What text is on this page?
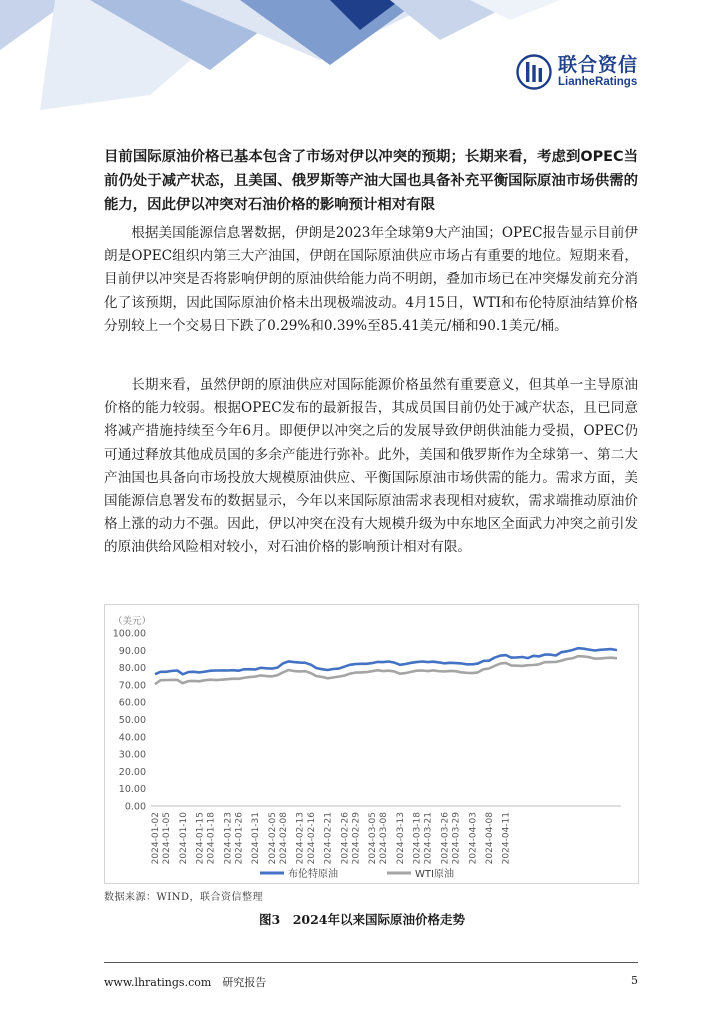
联合资信
LianheRatings

目前国际原油价格已基本包含了市场对伊以冲突的预期；长期来看，考虑到OPEC当前仍处于减产状态，且美国、俄罗斯等产油大国也具备补充平衡国际原油市场供需的能力，因此伊以冲突对石油价格的影响预计相对有限

根据美国能源信息署数据，伊朗是2023年全球第9大产油国；OPEC报告显示目前伊朗是OPEC组织内第三大产油国，伊朗在国际原油供应市场占有重要的地位。短期来看，目前伊以冲突是否将影响伊朗的原油供给能力尚不明朗，叠加市场已在冲突爆发前充分消化了该预期，因此国际原油价格未出现极端波动。4月15日，WTI和布伦特原油结算价格分别较上一个交易日下跌了0.29%和0.39%至85.41美元/桶和90.1美元/桶。

长期来看，虽然伊朗的原油供应对国际能源价格虽然有重要意义，但其单一主导原油价格的能力较弱。根据OPEC发布的最新报告，其成员国目前仍处于减产状态，且已同意将减产措施持续至今年6月。即便伊以冲突之后的发展导致伊朗供油能力受损，OPEC仍可通过释放其他成员国的多余产能进行弥补。此外，美国和俄罗斯作为全球第一、第二大产油国也具备向市场投放大规模原油供应、平衡国际原油市场供需的能力。需求方面，美国能源信息署发布的数据显示，今年以来国际原油需求表现相对疲软，需求端推动原油价格上涨的动力不强。因此，伊以冲突在没有大规模升级为中东地区全面武力冲突之前引发的原油供给风险相对较小，对石油价格的影响预计相对有限。

（美元）
0.00
10.00
20.00
30.00
40.00
50.00
60.00
70.00
80.00
90.00
100.00
2024-01-02 2024-01-05 2024-01-10 2024-01-15 2024-01-18 2024-01-23 2024-01-26 2024-01-31 2024-02-05 2024-02-08 2024-02-13 2024-02-16 2024-02-21 2024-02-26 2024-02-29 2024-03-05 2024-03-08 2024-03-13 2024-03-18 2024-03-21 2024-03-26 2024-03-29 2024-04-03 2024-04-08 2024-04-11
布伦特原油	WTI原油
数据来源：WIND，联合资信整理
图3　2024年以来国际原油价格走势
www.lhratings.com　研究报告	5
